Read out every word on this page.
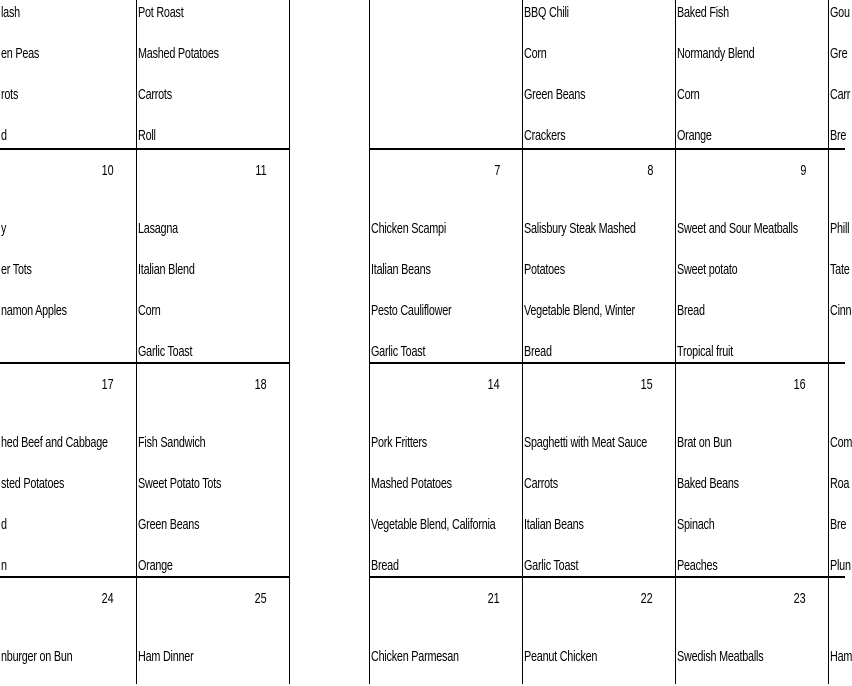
lash
en Peas
rots
d
Pot Roast
Mashed Potatoes
Carrots
Roll
10
y
er Tots
namon Apples
11
Lasagna
Italian Blend
Corn
Garlic Toast
17
hed Beef and Cabbage
sted Potatoes
d
n
18
Fish Sandwich
Sweet Potato Tots
Green Beans
Orange
24
nburger on Bun
25
Ham Dinner
BBQ Chili
Corn
Green Beans
Crackers
Baked Fish
Normandy Blend
Corn
Orange
Gou
Gre
Carr
Bre
7
Chicken Scampi
Italian Beans
Pesto Cauliflower
Garlic Toast
8
Salisbury Steak Mashed
Potatoes
Vegetable Blend, Winter
Bread
9
Sweet and Sour Meatballs
Sweet potato
Bread
Tropical fruit
Phill
Tate
Cinn
14
Pork Fritters
Mashed Potatoes
Vegetable Blend, California
Bread
15
Spaghetti with Meat Sauce
Carrots
Italian Beans
Garlic Toast
16
Brat on Bun
Baked Beans
Spinach
Peaches
Com
Roa
Bre
Plun
21
Chicken Parmesan
22
Peanut Chicken
23
Swedish Meatballs	Ham
